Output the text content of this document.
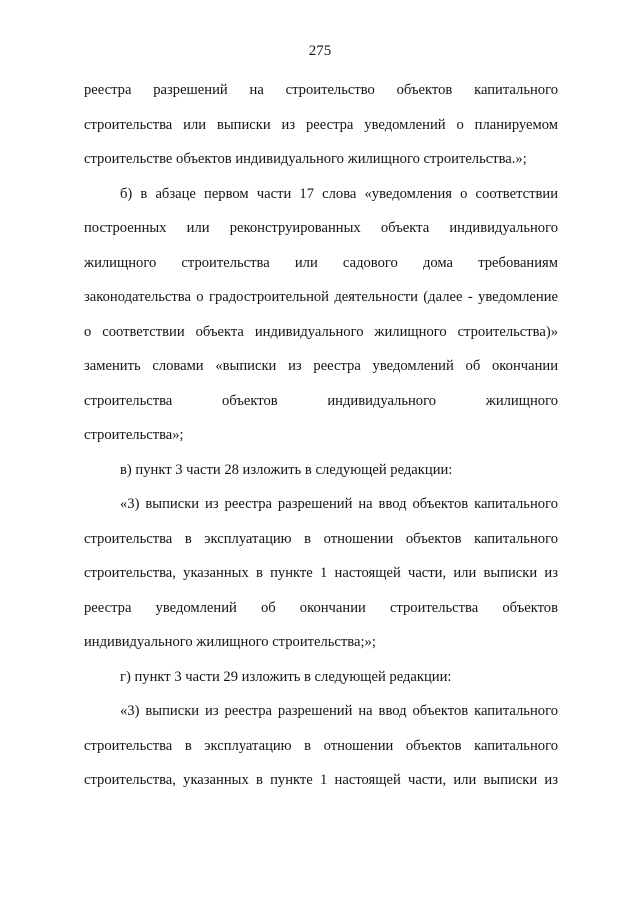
275
реестра разрешений на строительство объектов капитального
строительства или выписки из реестра уведомлений о планируемом
строительстве объектов индивидуального жилищного строительства.»;
б) в абзаце первом части 17 слова «уведомления о соответствии
построенных или реконструированных объекта индивидуального
жилищного строительства или садового дома требованиям
законодательства о градостроительной деятельности (далее - уведомление
о соответствии объекта индивидуального жилищного строительства)»
заменить словами «выписки из реестра уведомлений об окончании
строительства объектов индивидуального жилищного
строительства»;
в) пункт 3 части 28 изложить в следующей редакции:
«3) выписки из реестра разрешений на ввод объектов капитального
строительства в эксплуатацию в отношении объектов капитального
строительства, указанных в пункте 1 настоящей части, или выписки из
реестра уведомлений об окончании строительства объектов
индивидуального жилищного строительства;»;
г) пункт 3 части 29 изложить в следующей редакции:
«3) выписки из реестра разрешений на ввод объектов капитального
строительства в эксплуатацию в отношении объектов капитального
строительства, указанных в пункте 1 настоящей части, или выписки из
